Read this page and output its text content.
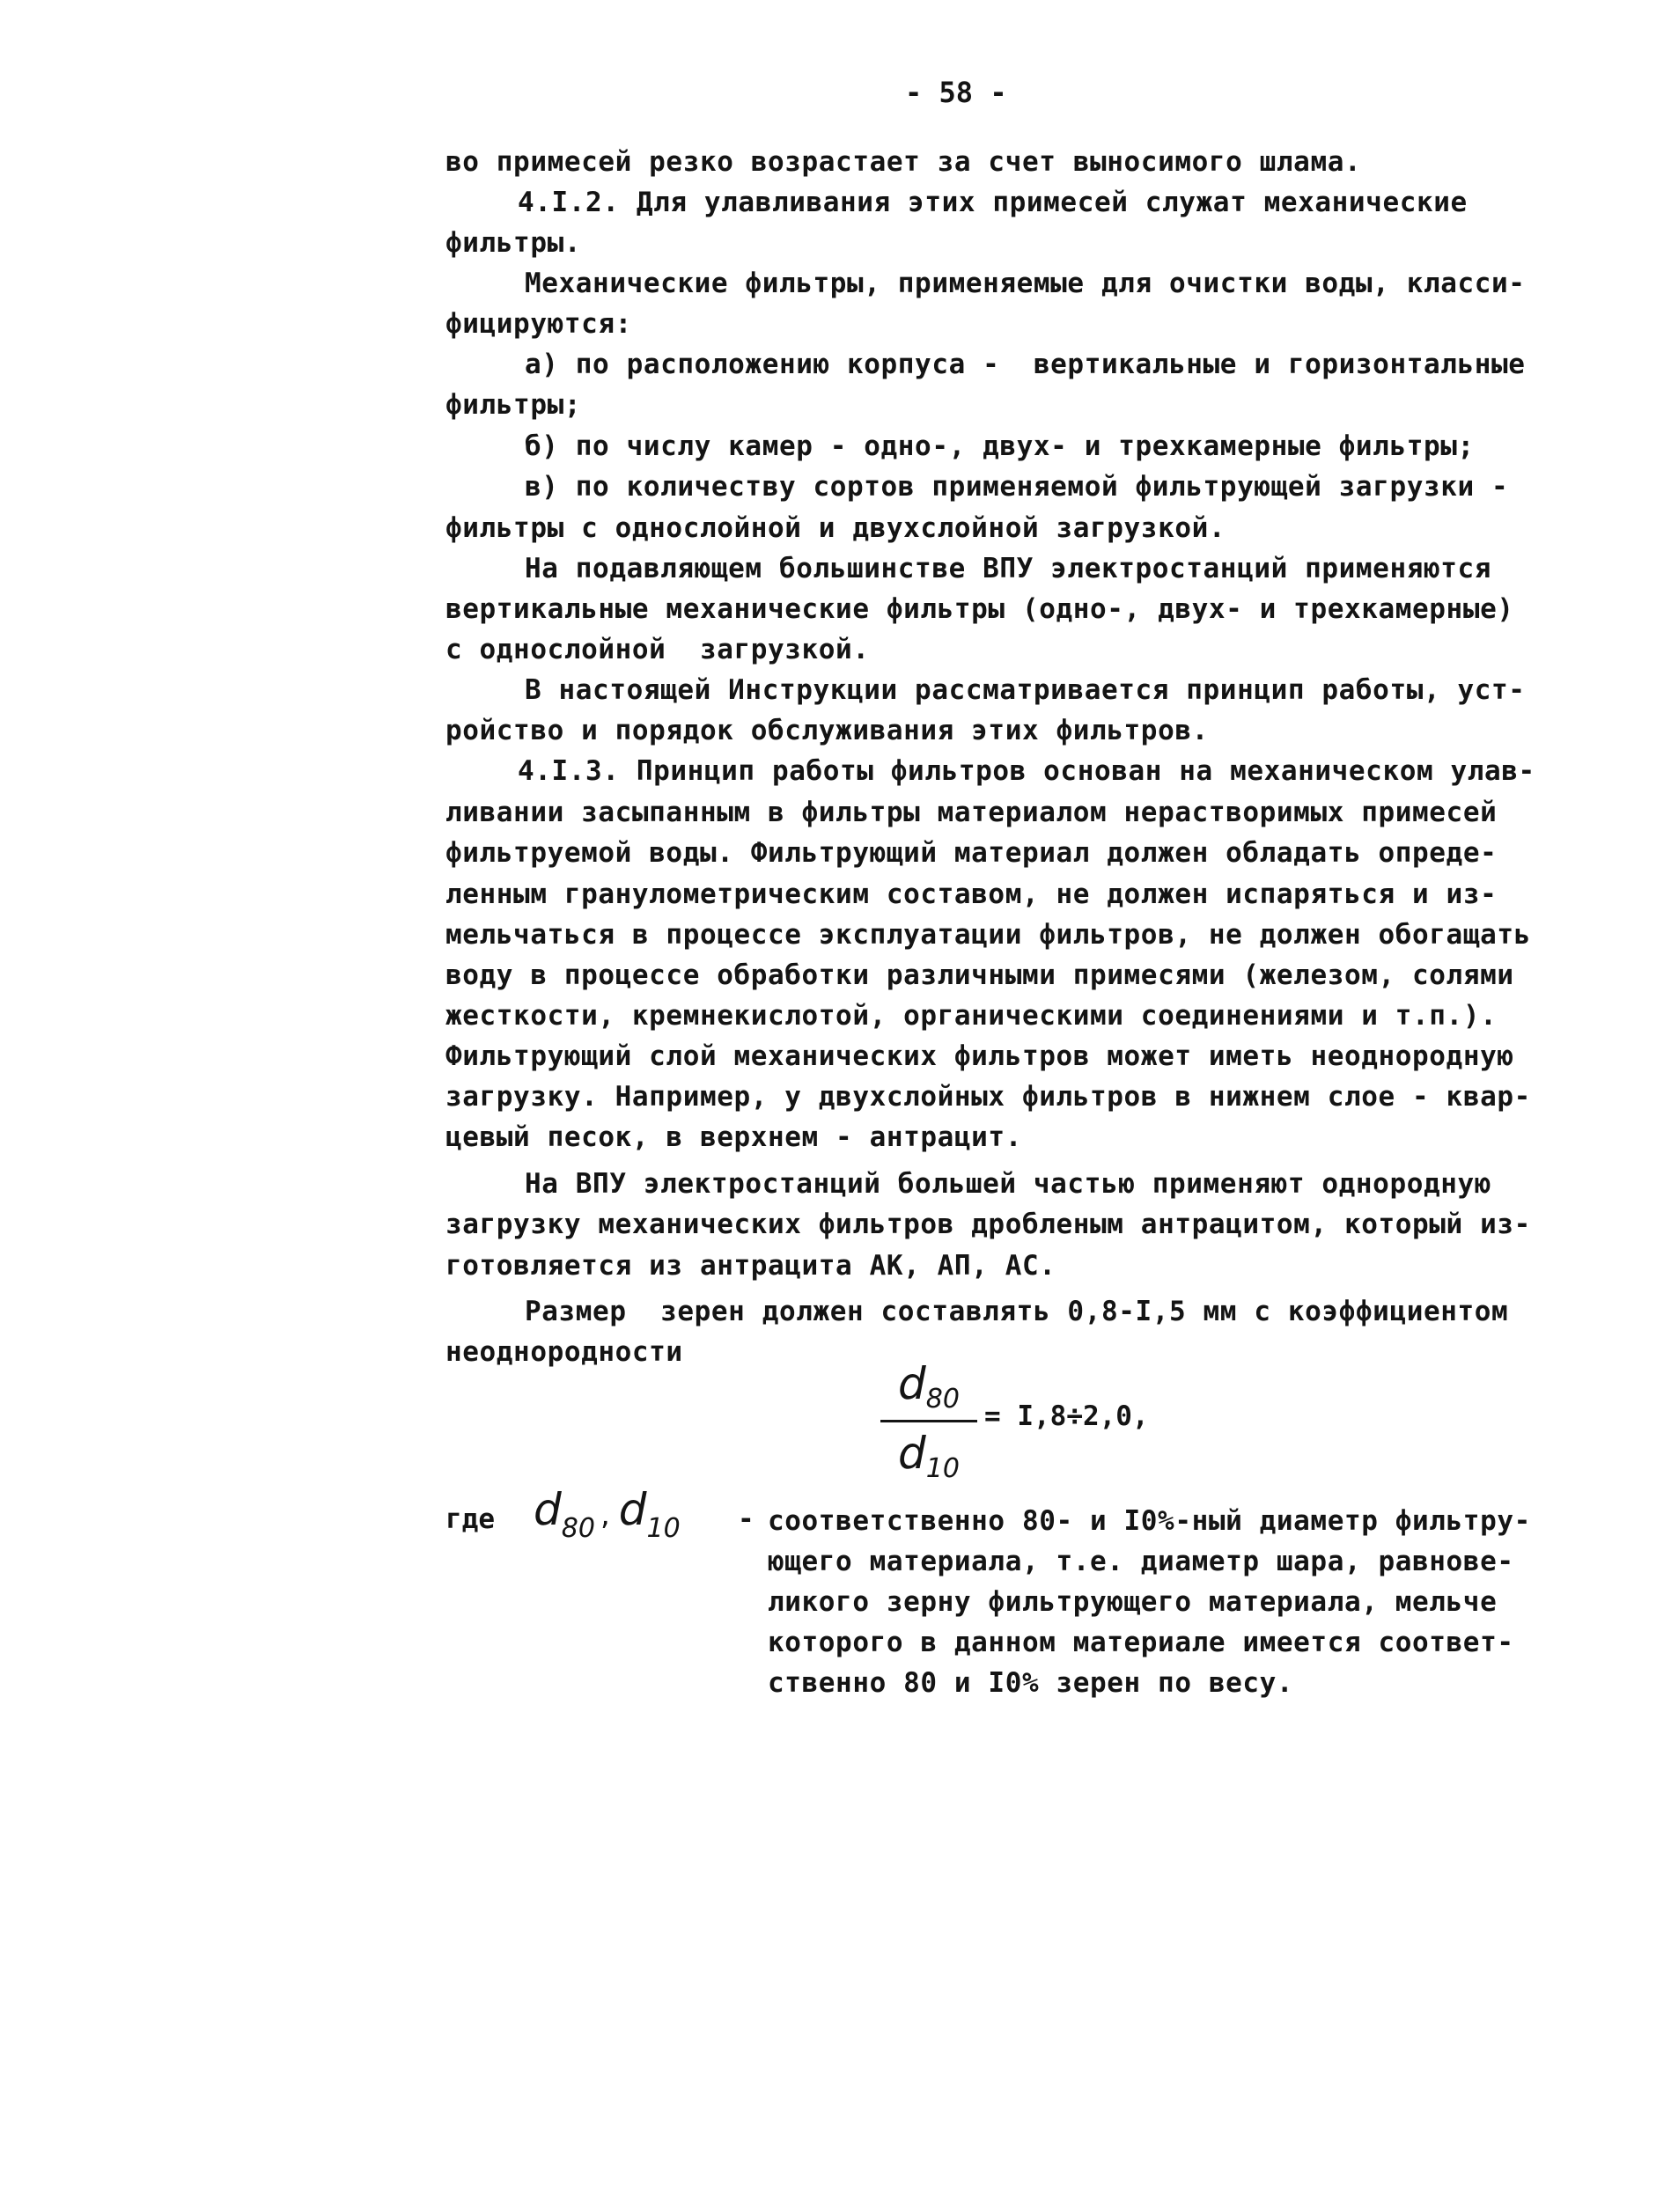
- 58 -
во примесей резко возрастает за счет выносимого шлама.
4.I.2. Для улавливания этих примесей служат механические
фильтры.
Механические фильтры, применяемые для очистки воды, класси-
фицируются:
а) по расположению корпуса -  вертикальные и горизонтальные
фильтры;
б) по числу камер - одно-, двух- и трехкамерные фильтры;
в) по количеству сортов применяемой фильтрующей загрузки -
фильтры с однослойной и двухслойной загрузкой.
На подавляющем большинстве ВПУ электростанций применяются
вертикальные механические фильтры (одно-, двух- и трехкамерные)
с однослойной  загрузкой.
В настоящей Инструкции рассматривается принцип работы, уст-
ройство и порядок обслуживания этих фильтров.
4.I.3. Принцип работы фильтров основан на механическом улав-
ливании засыпанным в фильтры материалом нерастворимых примесей
фильтруемой воды. Фильтрующий материал должен обладать опреде-
ленным гранулометрическим составом, не должен испаряться и из-
мельчаться в процессе эксплуатации фильтров, не должен обогащать
воду в процессе обработки различными примесями (железом, солями
жесткости, кремнекислотой, органическими соединениями и т.п.).
Фильтрующий слой механических фильтров может иметь неоднородную
загрузку. Например, у двухслойных фильтров в нижнем слое - квар-
цевый песок, в верхнем - антрацит.
На ВПУ электростанций большей частью применяют однородную
загрузку механических фильтров дробленым антрацитом, который из-
готовляется из антрацита АК, АП, АС.
Размер  зерен должен составлять 0,8-I,5 мм с коэффициентом
неоднородности
$d_{80}$
$d_{10}$
= I,8÷2,0,
где $d_{80}$ , $d_{10}$ - соответственно 80- и I0%-ный диаметр фильтру-
ющего материала, т.е. диаметр шара, равнове-
ликого зерну фильтрующего материала, мельче
которого в данном материале имеется соответ-
ственно 80 и I0% зерен по весу.
